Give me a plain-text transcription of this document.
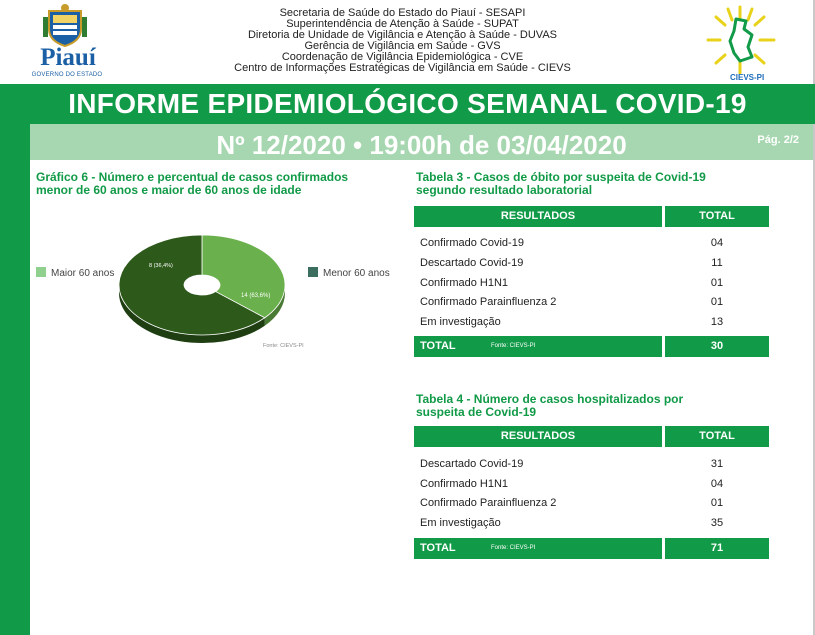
Piauí
GOVERNO DO ESTADO
Secretaria de Saúde do Estado do Piauí - SESAPI
Superintendência de Atenção à Saúde - SUPAT
Diretoria de Unidade de Vigilância e Atenção à Saúde - DUVAS
Gerência de Vigilância em Saúde - GVS
Coordenação de Vigilância Epidemiológica - CVE
Centro de Informações Estratégicas de Vigilância em Saúde - CIEVS
CIEVS-PI
INFORME EPIDEMIOLÓGICO SEMANAL COVID-19
Nº 12/2020 • 19:00h de 03/04/2020	Pág. 2/2
Gráfico 6 - Número e percentual de casos confirmados
menor de 60 anos e maior de 60 anos de idade
Maior 60 anos	Menor 60 anos
8 (36,4%)
14 (63,6%)
Fonte: CIEVS-PI
Tabela 3 - Casos de óbito por suspeita de Covid-19
segundo resultado laboratorial
RESULTADOS	TOTAL
Confirmado Covid-19	04
Descartado Covid-19	11
Confirmado H1N1	01
Confirmado Parainfluenza 2	01
Em investigação	13
TOTAL	Fonte: CIEVS-PI	30
Tabela 4 - Número de casos hospitalizados por
suspeita de Covid-19
RESULTADOS	TOTAL
Descartado Covid-19	31
Confirmado H1N1	04
Confirmado Parainfluenza 2	01
Em investigação	35
TOTAL	Fonte: CIEVS-PI	71
